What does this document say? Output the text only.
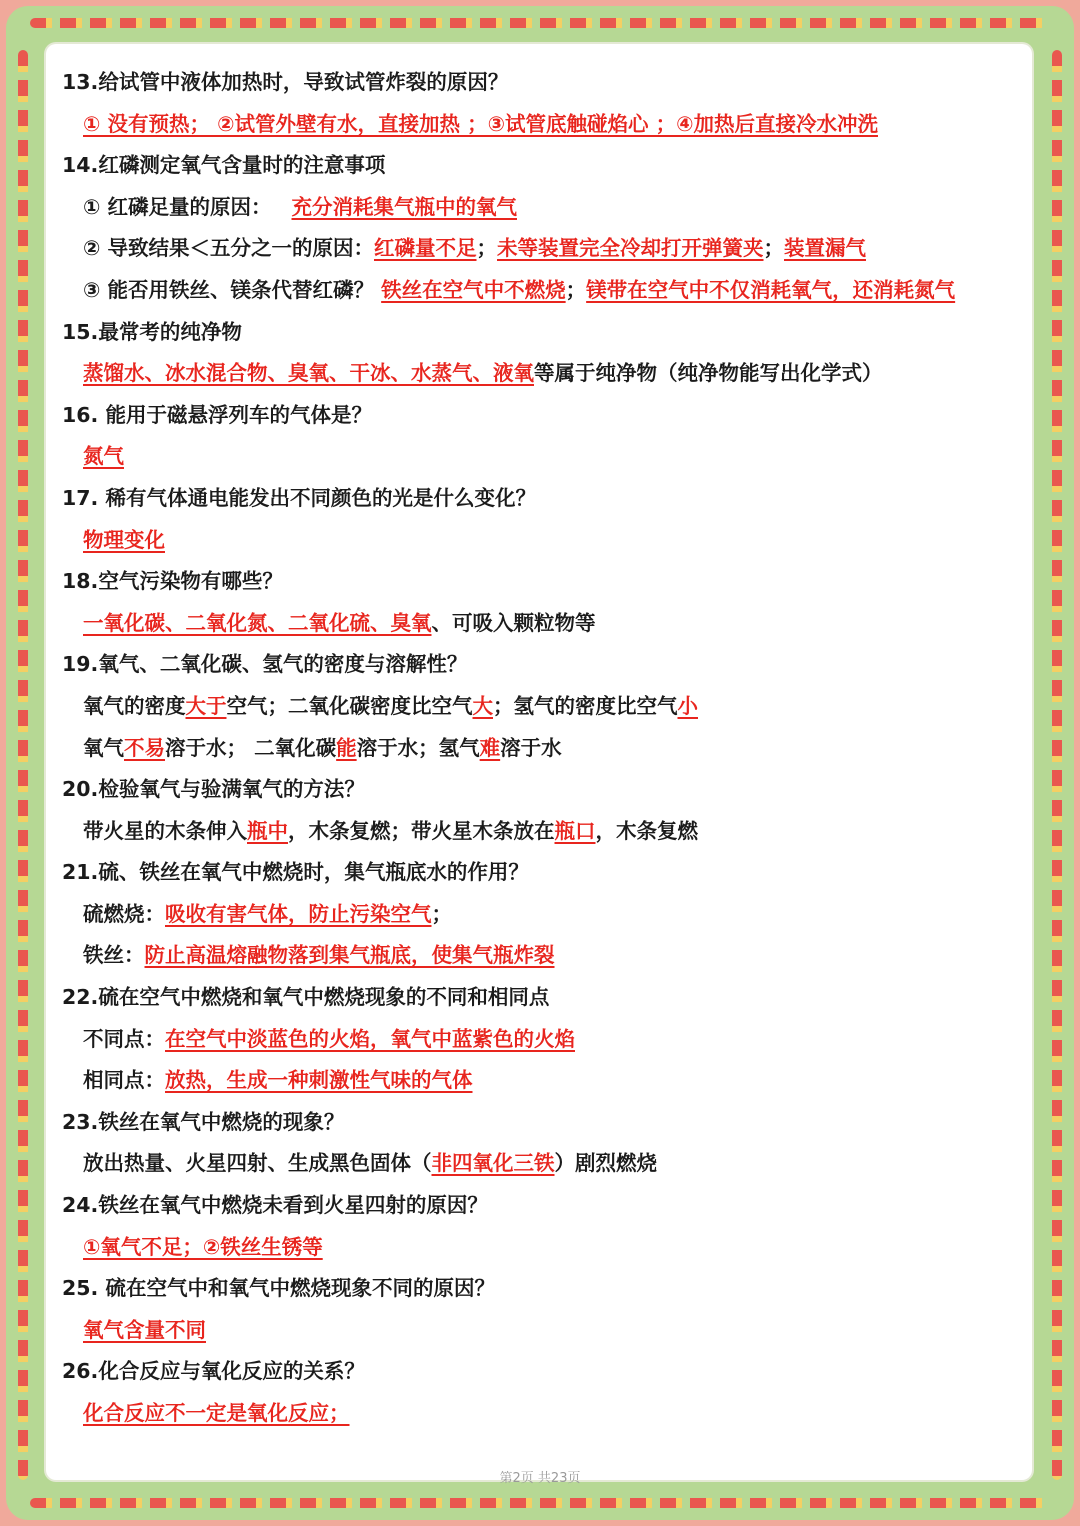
13.给试管中液体加热时，导致试管炸裂的原因？
① 没有预热； ②试管外壁有水，直接加热 ；③试管底触碰焰心 ；④加热后直接冷水冲洗
14.红磷测定氧气含量时的注意事项
① 红磷足量的原因： 充分消耗集气瓶中的氧气
② 导致结果＜五分之一的原因：红磷量不足；未等装置完全冷却打开弹簧夹；装置漏气
③ 能否用铁丝、镁条代替红磷？ 铁丝在空气中不燃烧；镁带在空气中不仅消耗氧气，还消耗氮气
15.最常考的纯净物
蒸馏水、冰水混合物、臭氧、干冰、水蒸气、液氧等属于纯净物（纯净物能写出化学式）
16. 能用于磁悬浮列车的气体是？
氮气
17. 稀有气体通电能发出不同颜色的光是什么变化？
物理变化
18.空气污染物有哪些？
一氧化碳、二氧化氮、二氧化硫、臭氧、可吸入颗粒物等
19.氧气、二氧化碳、氢气的密度与溶解性？
氧气的密度大于空气；二氧化碳密度比空气大；氢气的密度比空气小
氧气不易溶于水； 二氧化碳能溶于水；氢气难溶于水
20.检验氧气与验满氧气的方法？
带火星的木条伸入瓶中，木条复燃；带火星木条放在瓶口，木条复燃
21.硫、铁丝在氧气中燃烧时，集气瓶底水的作用？
硫燃烧：吸收有害气体，防止污染空气；
铁丝：防止高温熔融物落到集气瓶底，使集气瓶炸裂
22.硫在空气中燃烧和氧气中燃烧现象的不同和相同点
不同点：在空气中淡蓝色的火焰，氧气中蓝紫色的火焰
相同点：放热，生成一种刺激性气味的气体
23.铁丝在氧气中燃烧的现象？
放出热量、火星四射、生成黑色固体（非四氧化三铁）剧烈燃烧
24.铁丝在氧气中燃烧未看到火星四射的原因？
①氧气不足；②铁丝生锈等
25. 硫在空气中和氧气中燃烧现象不同的原因？
氧气含量不同
26.化合反应与氧化反应的关系？
化合反应不一定是氧化反应；
第2页 共23页
